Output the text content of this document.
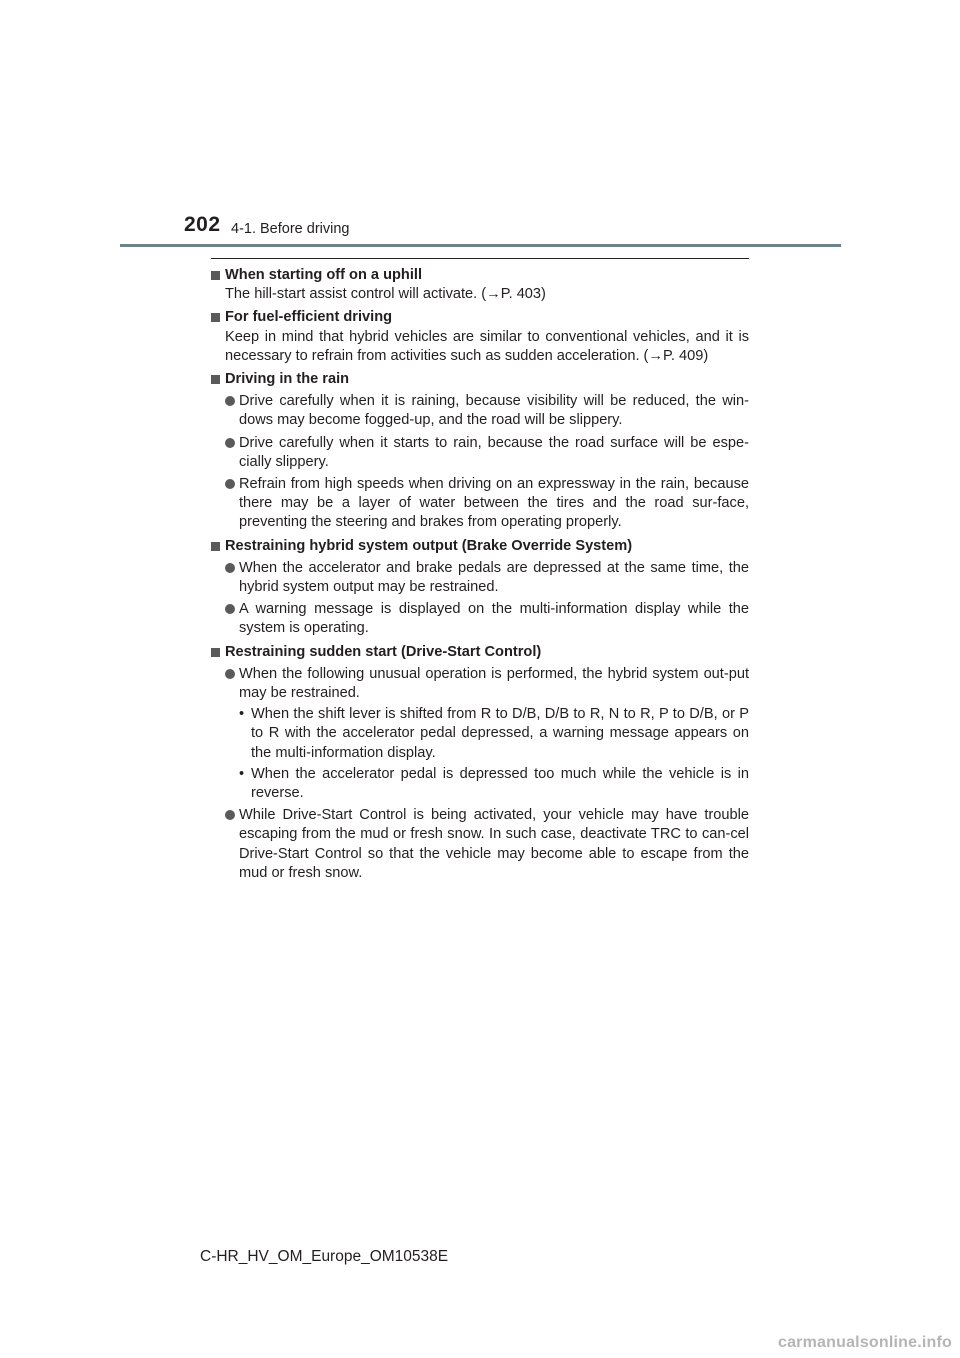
202 4-1. Before driving
When starting off on a uphill
The hill-start assist control will activate. (→P. 403)
For fuel-efficient driving
Keep in mind that hybrid vehicles are similar to conventional vehicles, and it is necessary to refrain from activities such as sudden acceleration. (→P. 409)
Driving in the rain
Drive carefully when it is raining, because visibility will be reduced, the win-dows may become fogged-up, and the road will be slippery.
Drive carefully when it starts to rain, because the road surface will be espe-cially slippery.
Refrain from high speeds when driving on an expressway in the rain, because there may be a layer of water between the tires and the road sur-face, preventing the steering and brakes from operating properly.
Restraining hybrid system output (Brake Override System)
When the accelerator and brake pedals are depressed at the same time, the hybrid system output may be restrained.
A warning message is displayed on the multi-information display while the system is operating.
Restraining sudden start (Drive-Start Control)
When the following unusual operation is performed, the hybrid system out-put may be restrained.
• When the shift lever is shifted from R to D/B, D/B to R, N to R, P to D/B, or P to R with the accelerator pedal depressed, a warning message appears on the multi-information display.
• When the accelerator pedal is depressed too much while the vehicle is in reverse.
While Drive-Start Control is being activated, your vehicle may have trouble escaping from the mud or fresh snow. In such case, deactivate TRC to can-cel Drive-Start Control so that the vehicle may become able to escape from the mud or fresh snow.
C-HR_HV_OM_Europe_OM10538E
carmanualsonline.info
